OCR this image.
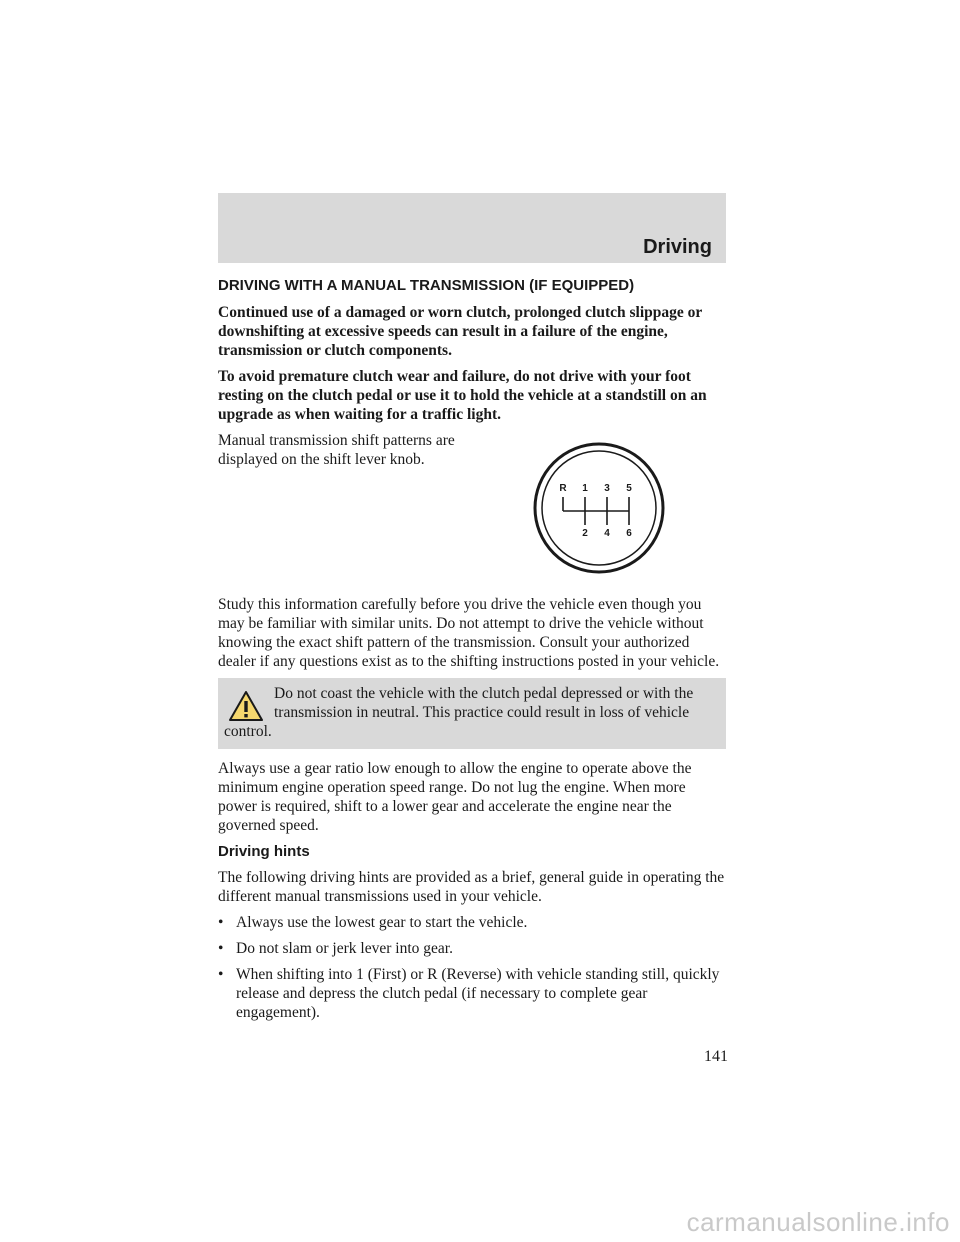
Driving
DRIVING WITH A MANUAL TRANSMISSION (IF EQUIPPED)

Continued use of a damaged or worn clutch, prolonged clutch slippage or downshifting at excessive speeds can result in a failure of the engine, transmission or clutch components.

To avoid premature clutch wear and failure, do not drive with your foot resting on the clutch pedal or use it to hold the vehicle at a standstill on an upgrade as when waiting for a traffic light.

Manual transmission shift patterns are displayed on the shift lever knob.

R 1 3 5
2 4 6

Study this information carefully before you drive the vehicle even though you may be familiar with similar units. Do not attempt to drive the vehicle without knowing the exact shift pattern of the transmission. Consult your authorized dealer if any questions exist as to the shifting instructions posted in your vehicle.

Do not coast the vehicle with the clutch pedal depressed or with the transmission in neutral. This practice could result in loss of vehicle control.

Always use a gear ratio low enough to allow the engine to operate above the minimum engine operation speed range. Do not lug the engine. When more power is required, shift to a lower gear and accelerate the engine near the governed speed.

Driving hints

The following driving hints are provided as a brief, general guide in operating the different manual transmissions used in your vehicle.

• Always use the lowest gear to start the vehicle.
• Do not slam or jerk lever into gear.
• When shifting into 1 (First) or R (Reverse) with vehicle standing still, quickly release and depress the clutch pedal (if necessary to complete gear engagement).
141
carmanualsonline.info
